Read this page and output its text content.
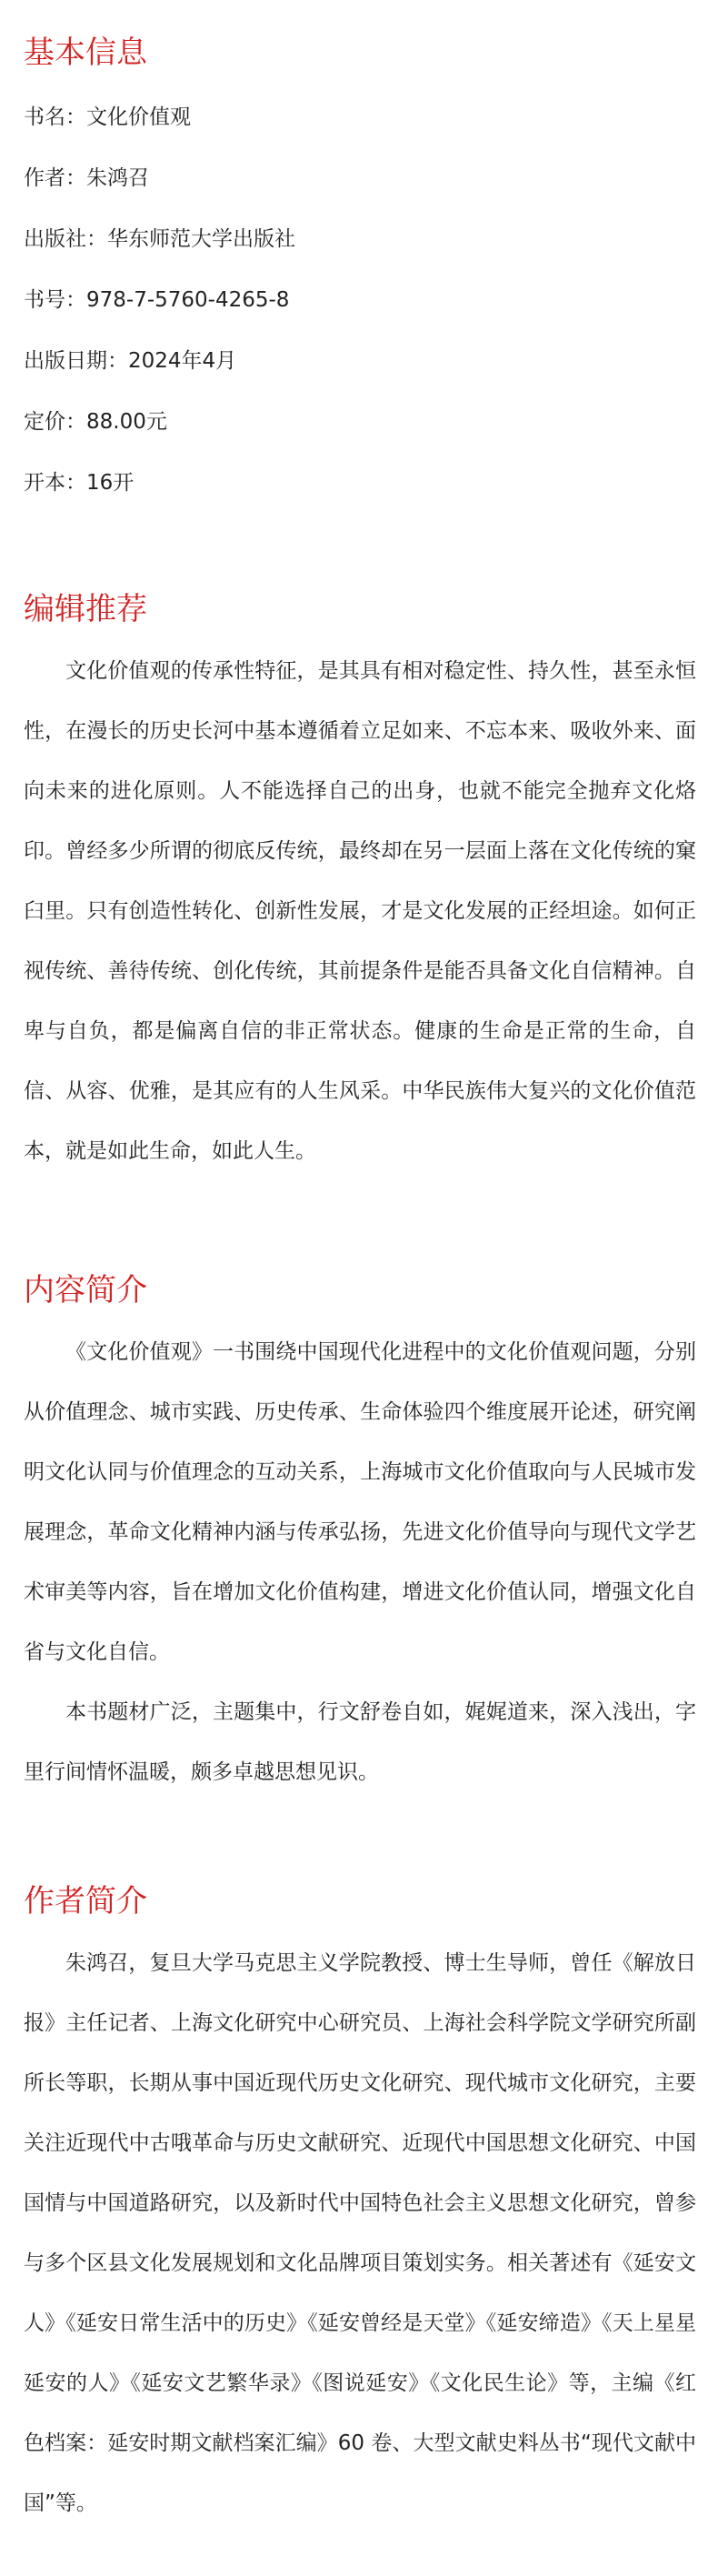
基本信息

书名：文化价值观

作者：朱鸿召

出版社：华东师范大学出版社

书号：978-7-5760-4265-8

出版日期：2024年4月

定价：88.00元

开本：16开

编辑推荐

文化价值观的传承性特征，是其具有相对稳定性、持久性，甚至永恒性，在漫长的历史长河中基本遵循着立足如来、不忘本来、吸收外来、面向未来的进化原则。人不能选择自己的出身，也就不能完全抛弃文化烙印。曾经多少所谓的彻底反传统，最终却在另一层面上落在文化传统的窠臼里。只有创造性转化、创新性发展，才是文化发展的正经坦途。如何正视传统、善待传统、创化传统，其前提条件是能否具备文化自信精神。自卑与自负，都是偏离自信的非正常状态。健康的生命是正常的生命，自信、从容、优雅，是其应有的人生风采。中华民族伟大复兴的文化价值范本，就是如此生命，如此人生。

内容简介

《文化价值观》一书围绕中国现代化进程中的文化价值观问题，分别从价值理念、城市实践、历史传承、生命体验四个维度展开论述，研究阐明文化认同与价值理念的互动关系，上海城市文化价值取向与人民城市发展理念，革命文化精神内涵与传承弘扬，先进文化价值导向与现代文学艺术审美等内容，旨在增加文化价值构建，增进文化价值认同，增强文化自省与文化自信。

本书题材广泛，主题集中，行文舒卷自如，娓娓道来，深入浅出，字里行间情怀温暖，颇多卓越思想见识。

作者简介

朱鸿召，复旦大学马克思主义学院教授、博士生导师，曾任《解放日报》主任记者、上海文化研究中心研究员、上海社会科学院文学研究所副所长等职，长期从事中国近现代历史文化研究、现代城市文化研究，主要关注近现代中古哦革命与历史文献研究、近现代中国思想文化研究、中国国情与中国道路研究，以及新时代中国特色社会主义思想文化研究，曾参与多个区县文化发展规划和文化品牌项目策划实务。相关著述有《延安文人》《延安日常生活中的历史》《延安曾经是天堂》《延安缔造》《天上星星延安的人》《延安文艺繁华录》《图说延安》《文化民生论》等，主编《红色档案：延安时期文献档案汇编》60 卷、大型文献史料丛书“现代文献中国”等。
